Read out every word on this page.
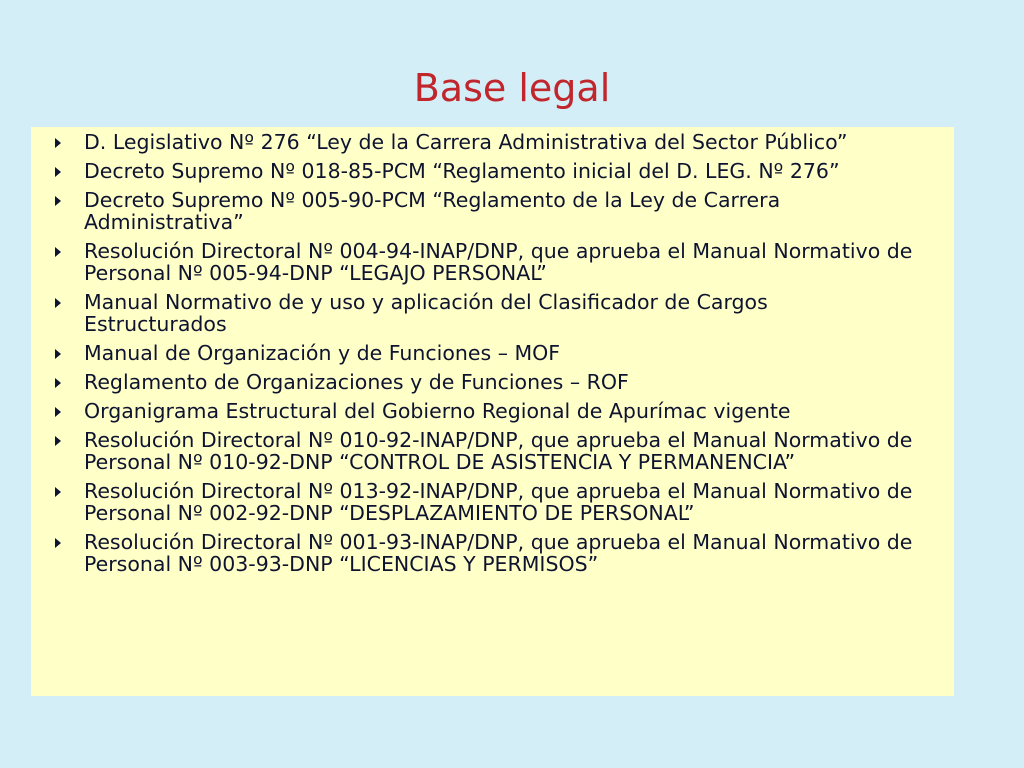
Base legal
D. Legislativo Nº 276 “Ley de la Carrera Administrativa del Sector Público”
Decreto Supremo Nº 018-85-PCM “Reglamento inicial del D. LEG. Nº 276”
Decreto Supremo Nº 005-90-PCM “Reglamento de la Ley de Carrera Administrativa”
Resolución Directoral Nº 004-94-INAP/DNP, que aprueba el Manual Normativo de Personal Nº 005-94-DNP “LEGAJO PERSONAL”
Manual Normativo de y uso y aplicación del Clasificador de Cargos Estructurados
Manual de Organización y de Funciones – MOF
Reglamento de Organizaciones y de Funciones – ROF
Organigrama Estructural del Gobierno Regional de Apurímac vigente
Resolución Directoral Nº 010-92-INAP/DNP, que aprueba el Manual Normativo de Personal Nº 010-92-DNP “CONTROL DE ASISTENCIA Y PERMANENCIA”
Resolución Directoral Nº 013-92-INAP/DNP, que aprueba el Manual Normativo de Personal Nº 002-92-DNP “DESPLAZAMIENTO DE PERSONAL”
Resolución Directoral Nº 001-93-INAP/DNP, que aprueba el Manual Normativo de Personal Nº 003-93-DNP “LICENCIAS Y PERMISOS”
